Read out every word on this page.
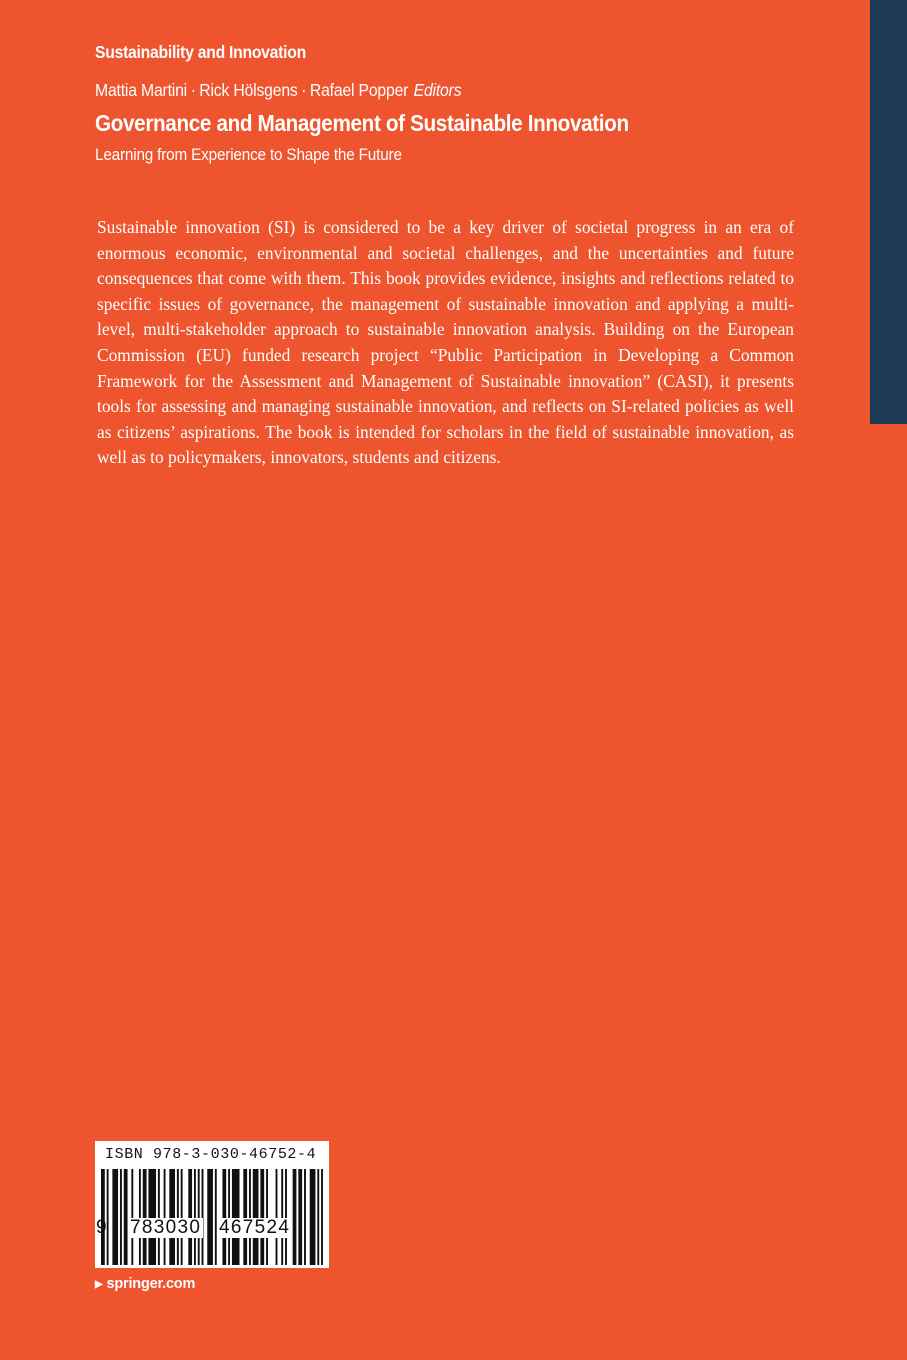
Sustainability and Innovation
Mattia Martini · Rick Hölsgens · Rafael Popper Editors
Governance and Management of Sustainable Innovation
Learning from Experience to Shape the Future

Sustainable innovation (SI) is considered to be a key driver of societal progress in an era of enormous economic, environmental and societal challenges, and the uncertainties and future consequences that come with them. This book provides evidence, insights and reflections related to specific issues of governance, the management of sustainable innovation and applying a multi-level, multi-stakeholder approach to sustainable innovation analysis. Building on the European Commission (EU) funded research project “Public Participation in Developing a Common Framework for the Assessment and Management of Sustainable innovation” (CASI), it presents tools for assessing and managing sustainable innovation, and reflects on SI-related policies as well as citizens’ aspirations. The book is intended for scholars in the field of sustainable innovation, as well as to policymakers, innovators, students and citizens.

ISBN 978-3-030-46752-4
9 783030 467524
▶ springer.com
